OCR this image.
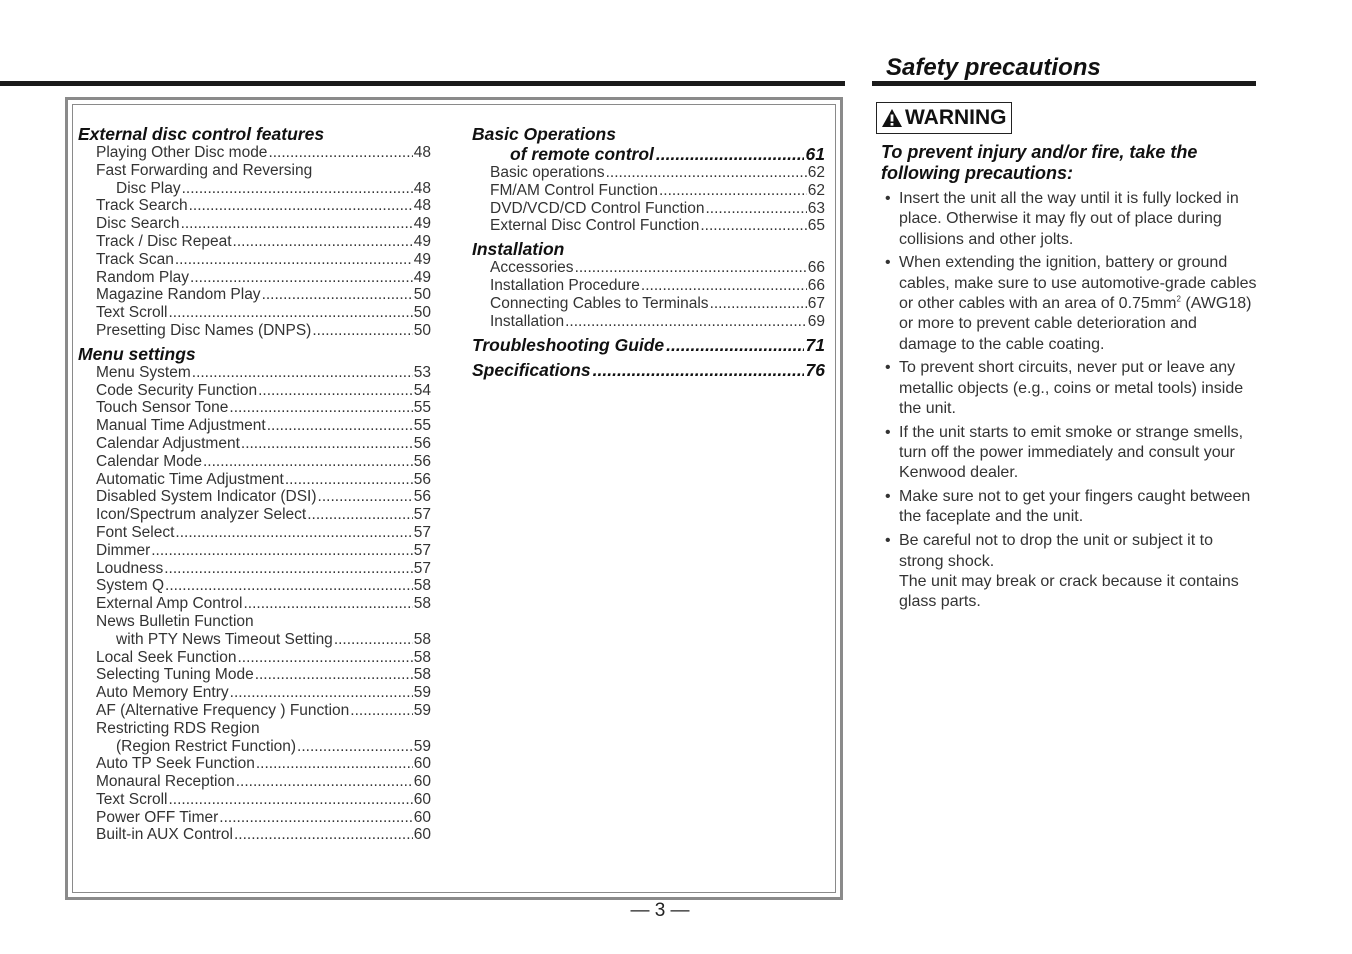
Safety precautions
External disc control features
Playing Other Disc mode .....	48
Fast Forwarding and Reversing
Disc Play .....	48
Track Search .....	48
Disc Search .....	49
Track / Disc Repeat .....	49
Track Scan .....	49
Random Play .....	49
Magazine Random Play .....	50
Text Scroll .....	50
Presetting Disc Names (DNPS) .....	50
Menu settings
Menu System .....	53
Code Security Function .....	54
Touch Sensor Tone .....	55
Manual Time Adjustment .....	55
Calendar Adjustment .....	56
Calendar Mode .....	56
Automatic Time Adjustment .....	56
Disabled System Indicator (DSI) .....	56
Icon/Spectrum analyzer Select .....	57
Font Select .....	57
Dimmer .....	57
Loudness .....	57
System Q .....	58
External Amp Control .....	58
News Bulletin Function
with PTY News Timeout Setting .....	58
Local Seek Function .....	58
Selecting Tuning Mode .....	58
Auto Memory Entry .....	59
AF (Alternative Frequency ) Function .....	59
Restricting RDS Region
(Region Restrict Function) .....	59
Auto TP Seek Function .....	60
Monaural Reception .....	60
Text Scroll .....	60
Power OFF Timer .....	60
Built-in AUX Control .....	60
Basic Operations
of remote control .....	61
Basic operations .....	62
FM/AM Control Function .....	62
DVD/VCD/CD Control Function .....	63
External Disc Control Function .....	65
Installation
Accessories .....	66
Installation Procedure .....	66
Connecting Cables to Terminals .....	67
Installation .....	69
Troubleshooting Guide .....	71
Specifications .....	76
— 3 —
WARNING
To prevent injury and/or fire, take the following precautions:
• Insert the unit all the way until it is fully locked in place. Otherwise it may fly out of place during collisions and other jolts.
• When extending the ignition, battery or ground cables, make sure to use automotive-grade cables or other cables with an area of $0.75mm^2$ (AWG18) or more to prevent cable deterioration and damage to the cable coating.
• To prevent short circuits, never put or leave any metallic objects (e.g., coins or metal tools) inside the unit.
• If the unit starts to emit smoke or strange smells, turn off the power immediately and consult your Kenwood dealer.
• Make sure not to get your fingers caught between the faceplate and the unit.
• Be careful not to drop the unit or subject it to strong shock.
The unit may break or crack because it contains glass parts.
